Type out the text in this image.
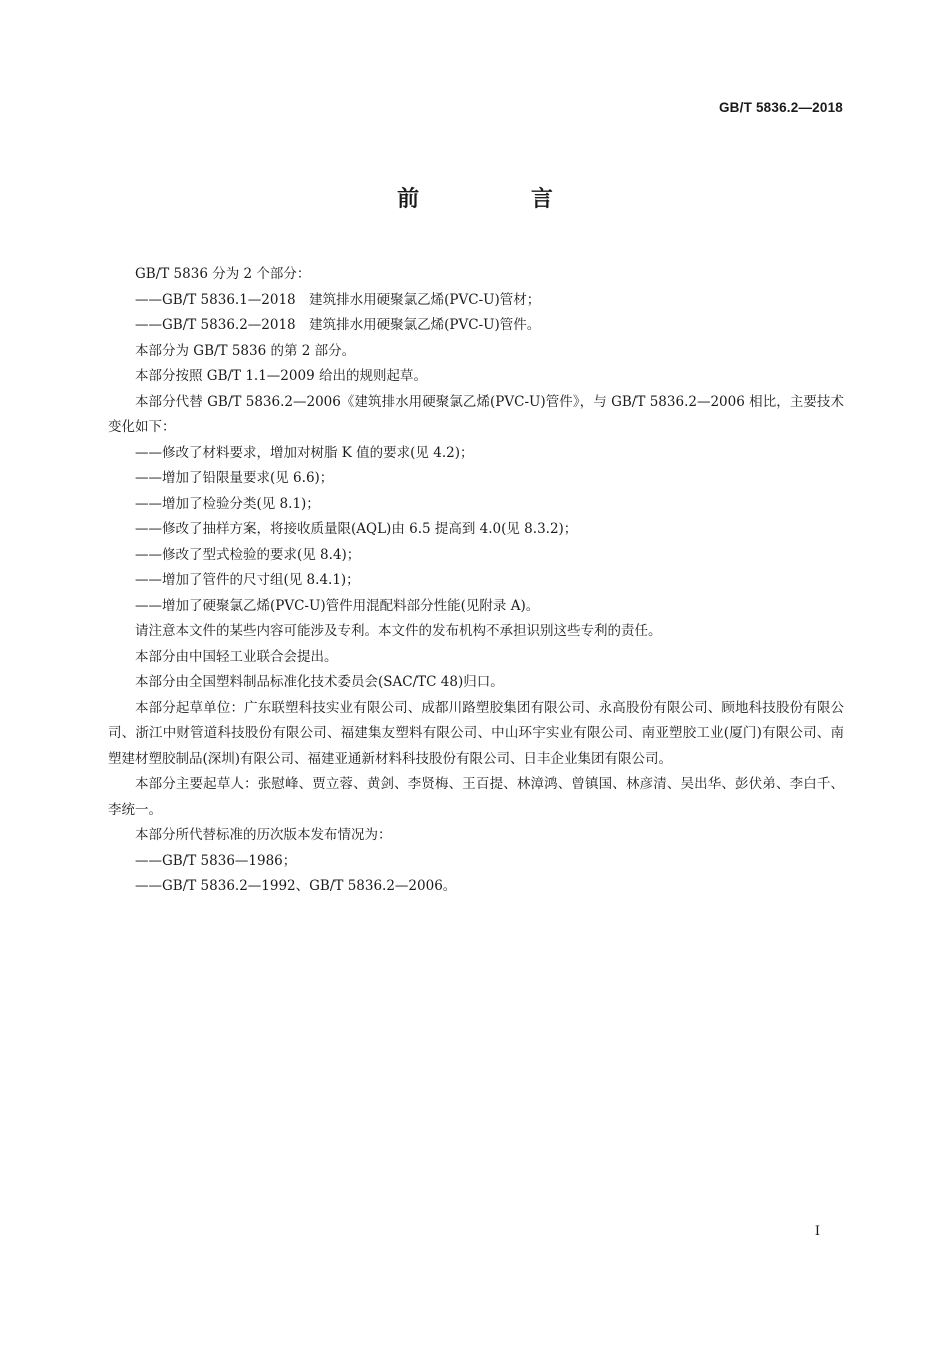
GB/T 5836.2—2018
前 言

GB/T 5836 分为 2 个部分：

——GB/T 5836.1—2018　建筑排水用硬聚氯乙烯(PVC-U)管材；

——GB/T 5836.2—2018　建筑排水用硬聚氯乙烯(PVC-U)管件。

本部分为 GB/T 5836 的第 2 部分。

本部分按照 GB/T 1.1—2009 给出的规则起草。

本部分代替 GB/T 5836.2—2006《建筑排水用硬聚氯乙烯(PVC-U)管件》，与 GB/T 5836.2—2006 相比，主要技术变化如下：

——修改了材料要求，增加对树脂 K 值的要求(见 4.2)；

——增加了铅限量要求(见 6.6)；

——增加了检验分类(见 8.1)；

——修改了抽样方案，将接收质量限(AQL)由 6.5 提高到 4.0(见 8.3.2)；

——修改了型式检验的要求(见 8.4)；

——增加了管件的尺寸组(见 8.4.1)；

——增加了硬聚氯乙烯(PVC-U)管件用混配料部分性能(见附录 A)。

请注意本文件的某些内容可能涉及专利。本文件的发布机构不承担识别这些专利的责任。

本部分由中国轻工业联合会提出。

本部分由全国塑料制品标准化技术委员会(SAC/TC 48)归口。

本部分起草单位：广东联塑科技实业有限公司、成都川路塑胶集团有限公司、永高股份有限公司、顾地科技股份有限公司、浙江中财管道科技股份有限公司、福建集友塑料有限公司、中山环宇实业有限公司、南亚塑胶工业(厦门)有限公司、南塑建材塑胶制品(深圳)有限公司、福建亚通新材料科技股份有限公司、日丰企业集团有限公司。

本部分主要起草人：张慰峰、贾立蓉、黄剑、李贤梅、王百提、林漳鸿、曾镇国、林彦清、吴出华、彭伏弟、李白千、李统一。

本部分所代替标准的历次版本发布情况为：

——GB/T 5836—1986；

——GB/T 5836.2—1992、GB/T 5836.2—2006。

I
